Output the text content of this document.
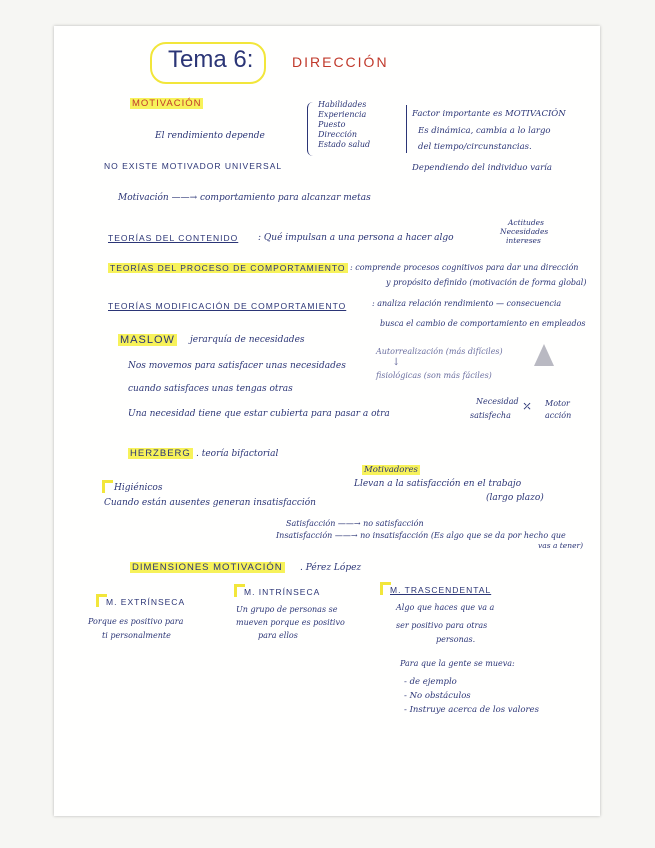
Tema 6:	DIRECCIÓN
MOTIVACIÓN
El rendimiento depende
Habilidades
Experiencia
Puesto
Dirección
Estado salud
Factor importante es MOTIVACIÓN
Es dinámica, cambia a lo largo
del tiempo/circunstancias.
Dependiendo del individuo varía
NO EXISTE MOTIVADOR UNIVERSAL
Motivación ——→ comportamiento para alcanzar metas
TEORÍAS DEL CONTENIDO : Qué impulsan a una persona a hacer algo
Actitudes
Necesidades
intereses
TEORÍAS DEL PROCESO DE COMPORTAMIENTO : comprende procesos cognitivos para dar una dirección
y propósito definido (motivación de forma global)
TEORÍAS MODIFICACIÓN DE COMPORTAMIENTO	: analiza relación rendimiento — consecuencia
busca el cambio de comportamiento en empleados
MASLOW jerarquía de necesidades
Nos movemos para satisfacer unas necesidades
cuando satisfaces unas tengas otras
Una necesidad tiene que estar cubierta para pasar a otra
Autorrealización (más difíciles)
↓
fisiológicas (son más fáciles)
Necesidad
satisfecha
⤫ Motor
acción
HERZBERG . teoría bifactorial
Higiénicos
Cuando están ausentes generan insatisfacción
Motivadores
Llevan a la satisfacción en el trabajo
(largo plazo)
Satisfacción ——→ no satisfacción
Insatisfacción ——→ no insatisfacción (Es algo que se da por hecho que
vas a tener)
DIMENSIONES MOTIVACIÓN . Pérez López
M. EXTRÍNSECA
Porque es positivo para
ti personalmente
M. INTRÍNSECA
Un grupo de personas se
mueven porque es positivo
para ellos
M. TRASCENDENTAL
Algo que haces que va a
ser positivo para otras
personas.
Para que la gente se mueva:
- de ejemplo
- No obstáculos
- Instruye acerca de los valores
